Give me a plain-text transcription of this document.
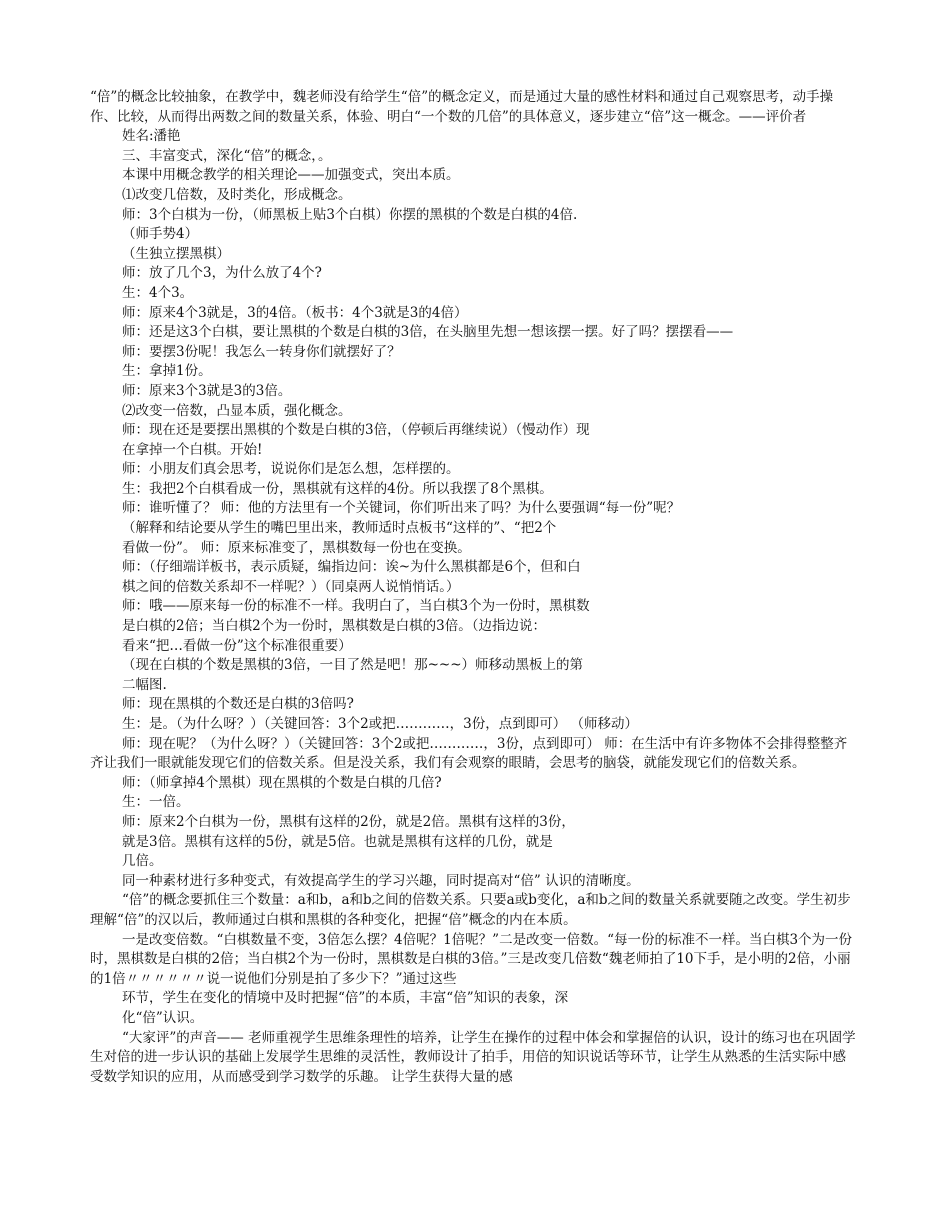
“倍”的概念比较抽象，在教学中，魏老师没有给学生“倍”的概念定义，而是通过大量的感性材料和通过自己观察思考，动手操作、比较，从而得出两数之间的数量关系，体验、明白“一个数的几倍”的具体意义，逐步建立“倍”这一概念。——评价者

姓名:潘艳

三、丰富变式，深化“倍”的概念，。

本课中用概念教学的相关理论——加强变式，突出本质。

⑴改变几倍数，及时类化，形成概念。

师：3个白棋为一份，（师黑板上贴3个白棋）你摆的黑棋的个数是白棋的4倍.

（师手势4）

（生独立摆黑棋）

师：放了几个3，为什么放了4个?

生：4个3。

师：原来4个3就是，3的4倍。（板书：4个3就是3的4倍）

师：还是这3个白棋，要让黑棋的个数是白棋的3倍，在头脑里先想一想该摆一摆。好了吗？摆摆看——

师：要摆3份呢！我怎么一转身你们就摆好了？

生：拿掉1份。

师：原来3个3就是3的3倍。

⑵改变一倍数，凸显本质，强化概念。

师：现在还是要摆出黑棋的个数是白棋的3倍，（停顿后再继续说）（慢动作）现

在拿掉一个白棋。开始!

师：小朋友们真会思考，说说你们是怎么想，怎样摆的。

生：我把2个白棋看成一份，黑棋就有这样的4份。所以我摆了8个黑棋。

师：谁听懂了？ 师：他的方法里有一个关键词，你们听出来了吗？为什么要强调“每一份”呢？

（解释和结论要从学生的嘴巴里出来，教师适时点板书“这样的”、“把2个

看做一份”。 师：原来标准变了，黑棋数每一份也在变换。

师：（仔细端详板书，表示质疑，编指边问：诶~为什么黑棋都是6个，但和白

棋之间的倍数关系却不一样呢？）（同桌两人说悄悄话。）

师：哦——原来每一份的标准不一样。我明白了，当白棋3个为一份时，黑棋数

是白棋的2倍；当白棋2个为一份时，黑棋数是白棋的3倍。（边指边说：

看来“把…看做一份”这个标准很重要）

（现在白棋的个数是黑棋的3倍，一目了然是吧！那~~~）师移动黑板上的第

二幅图.

师：现在黑棋的个数还是白棋的3倍吗?

生：是。（为什么呀？）（关键回答：3个2或把…………，3份，点到即可） （师移动）

师：现在呢？（为什么呀？）（关键回答：3个2或把…………，3份，点到即可） 师：在生活中有许多物体不会排得整整齐齐让我们一眼就能发现它们的倍数关系。但是没关系，我们有会观察的眼睛，会思考的脑袋，就能发现它们的倍数关系。

师：（师拿掉4个黑棋）现在黑棋的个数是白棋的几倍?

生：一倍。

师：原来2个白棋为一份，黑棋有这样的2份，就是2倍。黑棋有这样的3份，

就是3倍。黑棋有这样的5份，就是5倍。也就是黑棋有这样的几份，就是

几倍。

同一种素材进行多种变式，有效提高学生的学习兴趣，同时提高对“倍” 认识的清晰度。

“倍”的概念要抓住三个数量：a和b，a和b之间的倍数关系。只要a或b变化，a和b之间的数量关系就要随之改变。学生初步理解“倍”的汉以后，教师通过白棋和黑棋的各种变化，把握“倍”概念的内在本质。

一是改变倍数。“白棋数量不变，3倍怎么摆？4倍呢？1倍呢？”二是改变一倍数。“每一份的标准不一样。当白棋3个为一份时，黑棋数是白棋的2倍；当白棋2个为一份时，黑棋数是白棋的3倍。”三是改变几倍数“魏老师拍了10下手，是小明的2倍，小丽的1倍〃〃〃〃〃〃说一说他们分别是拍了多少下？”通过这些

环节，学生在变化的情境中及时把握“倍”的本质，丰富“倍”知识的表象，深

化“倍”认识。

“大家评”的声音—— 老师重视学生思维条理性的培养，让学生在操作的过程中体会和掌握倍的认识，设计的练习也在巩固学生对倍的进一步认识的基础上发展学生思维的灵活性，教师设计了拍手，用倍的知识说话等环节，让学生从熟悉的生活实际中感受数学知识的应用，从而感受到学习数学的乐趣。 让学生获得大量的感
